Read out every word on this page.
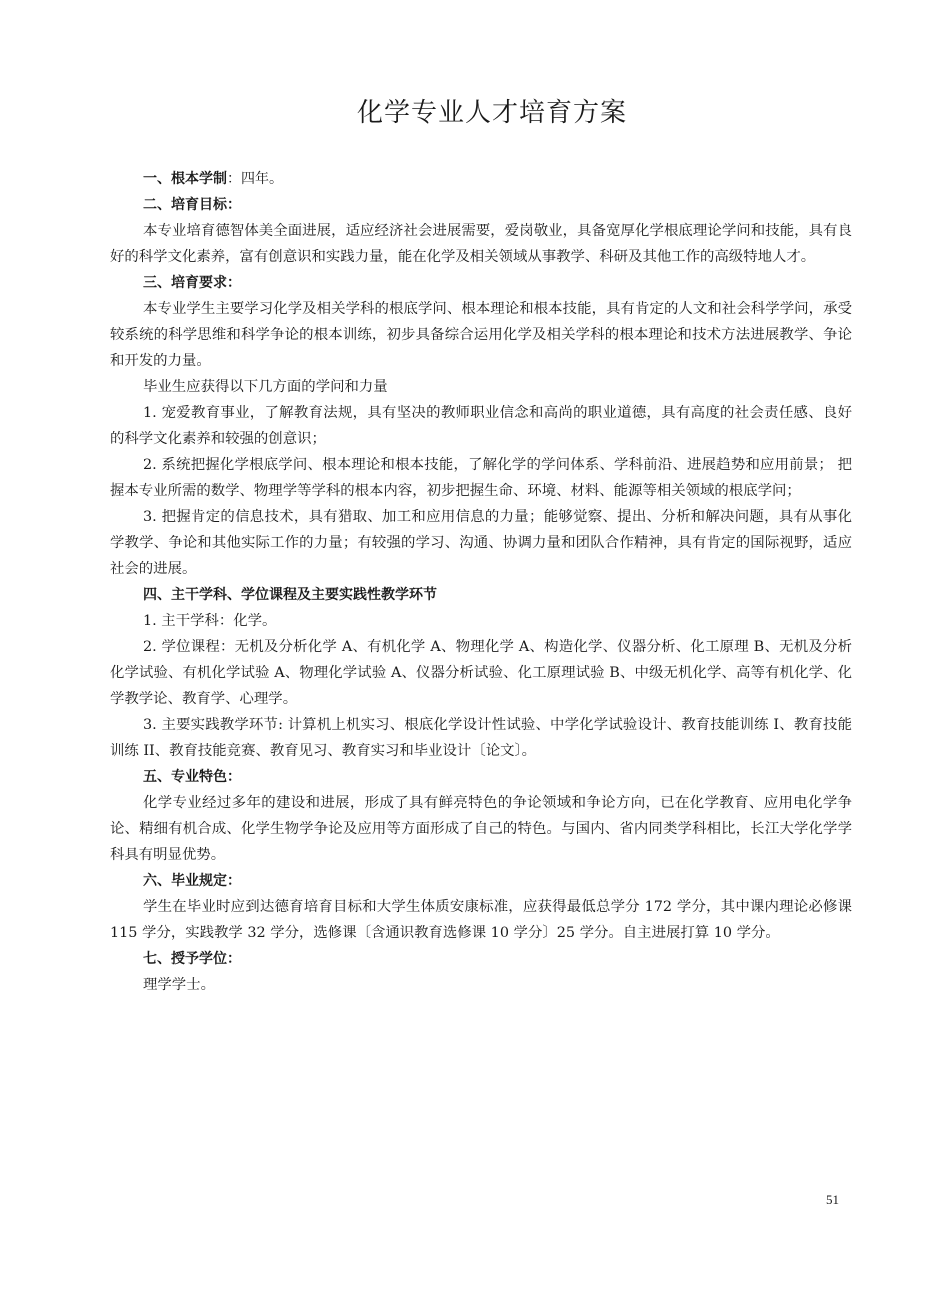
化学专业人才培育方案

一、根本学制：四年。

二、培育目标：

本专业培育德智体美全面进展，适应经济社会进展需要，爱岗敬业，具备宽厚化学根底理论学问和技能，具有良好的科学文化素养，富有创意识和实践力量，能在化学及相关领域从事教学、科研及其他工作的高级特地人才。

三、培育要求：

本专业学生主要学习化学及相关学科的根底学问、根本理论和根本技能，具有肯定的人文和社会科学学问，承受较系统的科学思维和科学争论的根本训练，初步具备综合运用化学及相关学科的根本理论和技术方法进展教学、争论和开发的力量。

毕业生应获得以下几方面的学问和力量

1. 宠爱教育事业，了解教育法规，具有坚决的教师职业信念和高尚的职业道德，具有高度的社会责任感、良好的科学文化素养和较强的创意识；

2. 系统把握化学根底学问、根本理论和根本技能，了解化学的学问体系、学科前沿、进展趋势和应用前景； 把握本专业所需的数学、物理学等学科的根本内容，初步把握生命、环境、材料、能源等相关领域的根底学问；

3. 把握肯定的信息技术，具有猎取、加工和应用信息的力量；能够觉察、提出、分析和解决问题，具有从事化学教学、争论和其他实际工作的力量；有较强的学习、沟通、协调力量和团队合作精神，具有肯定的国际视野，适应社会的进展。

四、主干学科、学位课程及主要实践性教学环节

1. 主干学科：化学。

2. 学位课程：无机及分析化学 A、有机化学 A、物理化学 A、构造化学、仪器分析、化工原理 B、无机及分析化学试验、有机化学试验 A、物理化学试验 A、仪器分析试验、化工原理试验 B、中级无机化学、高等有机化学、化学教学论、教育学、心理学。

3. 主要实践教学环节: 计算机上机实习、根底化学设计性试验、中学化学试验设计、教育技能训练 I、教育技能训练 II、教育技能竞赛、教育见习、教育实习和毕业设计〔论文〕。

五、专业特色：

化学专业经过多年的建设和进展，形成了具有鲜亮特色的争论领域和争论方向，已在化学教育、应用电化学争论、精细有机合成、化学生物学争论及应用等方面形成了自己的特色。与国内、省内同类学科相比，长江大学化学学科具有明显优势。

六、毕业规定：

学生在毕业时应到达德育培育目标和大学生体质安康标准，应获得最低总学分 172 学分，其中课内理论必修课 115 学分，实践教学 32 学分，选修课〔含通识教育选修课 10 学分〕25 学分。自主进展打算 10 学分。

七、授予学位：

理学学士。

51
